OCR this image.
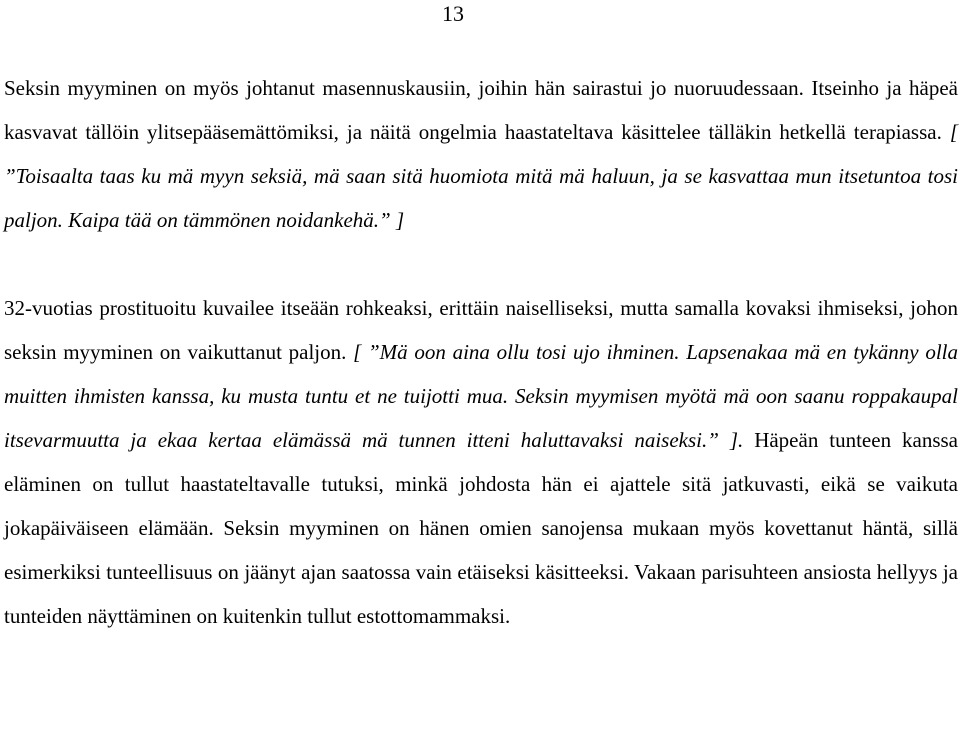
13

Seksin myyminen on myös johtanut masennuskausiin, joihin hän sairastui jo nuoruudessaan. Itseinho ja häpeä kasvavat tällöin ylitsepääsemättömiksi, ja näitä ongelmia haastateltava käsittelee tälläkin hetkellä terapiassa. [ ”Toisaalta taas ku mä myyn seksiä, mä saan sitä huomiota mitä mä haluun, ja se kasvattaa mun itsetuntoa tosi paljon. Kaipa tää on tämmönen noidankehä.” ]

32-vuotias prostituoitu kuvailee itseään rohkeaksi, erittäin naiselliseksi, mutta samalla kovaksi ihmiseksi, johon seksin myyminen on vaikuttanut paljon. [ ”Mä oon aina ollu tosi ujo ihminen. Lapsenakaa mä en tykänny olla muitten ihmisten kanssa, ku musta tuntu et ne tuijotti mua. Seksin myymisen myötä mä oon saanu roppakaupal itsevarmuutta ja ekaa kertaa elämässä mä tunnen itteni haluttavaksi naiseksi.” ]. Häpeän tunteen kanssa eläminen on tullut haastateltavalle tutuksi, minkä johdosta hän ei ajattele sitä jatkuvasti, eikä se vaikuta jokapäiväiseen elämään. Seksin myyminen on hänen omien sanojensa mukaan myös kovettanut häntä, sillä esimerkiksi tunteellisuus on jäänyt ajan saatossa vain etäiseksi käsitteeksi. Vakaan parisuhteen ansiosta hellyys ja tunteiden näyttäminen on kuitenkin tullut estottomammaksi.
